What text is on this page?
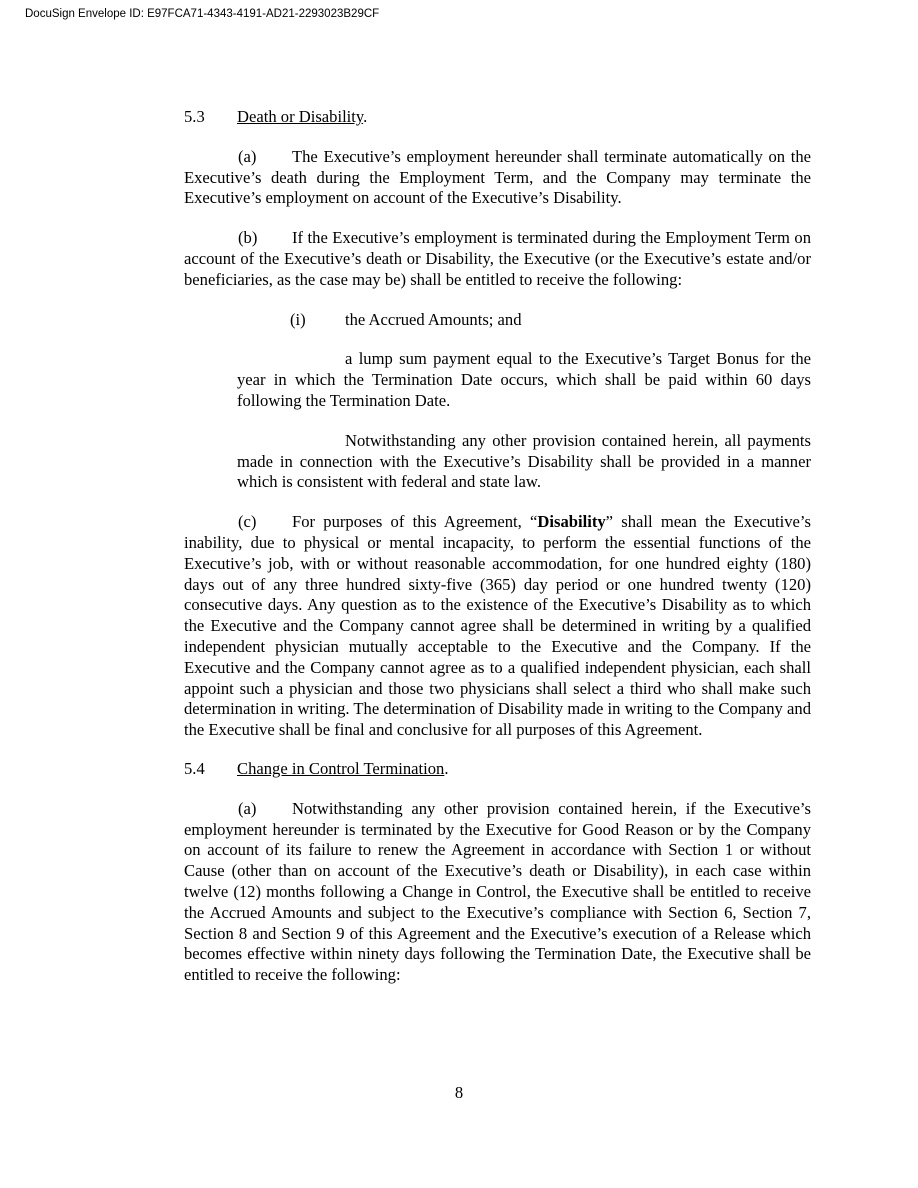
DocuSign Envelope ID: E97FCA71-4343-4191-AD21-2293023B29CF

5.3 Death or Disability.

(a) The Executive’s employment hereunder shall terminate automatically on the Executive’s death during the Employment Term, and the Company may terminate the Executive’s employment on account of the Executive’s Disability.

(b) If the Executive’s employment is terminated during the Employment Term on account of the Executive’s death or Disability, the Executive (or the Executive’s estate and/or beneficiaries, as the case may be) shall be entitled to receive the following:

(i) the Accrued Amounts; and

a lump sum payment equal to the Executive’s Target Bonus for the year in which the Termination Date occurs, which shall be paid within 60 days following the Termination Date.

Notwithstanding any other provision contained herein, all payments made in connection with the Executive’s Disability shall be provided in a manner which is consistent with federal and state law.

(c) For purposes of this Agreement, “Disability” shall mean the Executive’s inability, due to physical or mental incapacity, to perform the essential functions of the Executive’s job, with or without reasonable accommodation, for one hundred eighty (180) days out of any three hundred sixty-five (365) day period or one hundred twenty (120) consecutive days. Any question as to the existence of the Executive’s Disability as to which the Executive and the Company cannot agree shall be determined in writing by a qualified independent physician mutually acceptable to the Executive and the Company. If the Executive and the Company cannot agree as to a qualified independent physician, each shall appoint such a physician and those two physicians shall select a third who shall make such determination in writing. The determination of Disability made in writing to the Company and the Executive shall be final and conclusive for all purposes of this Agreement.

5.4 Change in Control Termination.

(a) Notwithstanding any other provision contained herein, if the Executive’s employment hereunder is terminated by the Executive for Good Reason or by the Company on account of its failure to renew the Agreement in accordance with Section 1 or without Cause (other than on account of the Executive’s death or Disability), in each case within twelve (12) months following a Change in Control, the Executive shall be entitled to receive the Accrued Amounts and subject to the Executive’s compliance with Section 6, Section 7, Section 8 and Section 9 of this Agreement and the Executive’s execution of a Release which becomes effective within ninety days following the Termination Date, the Executive shall be entitled to receive the following:

8
